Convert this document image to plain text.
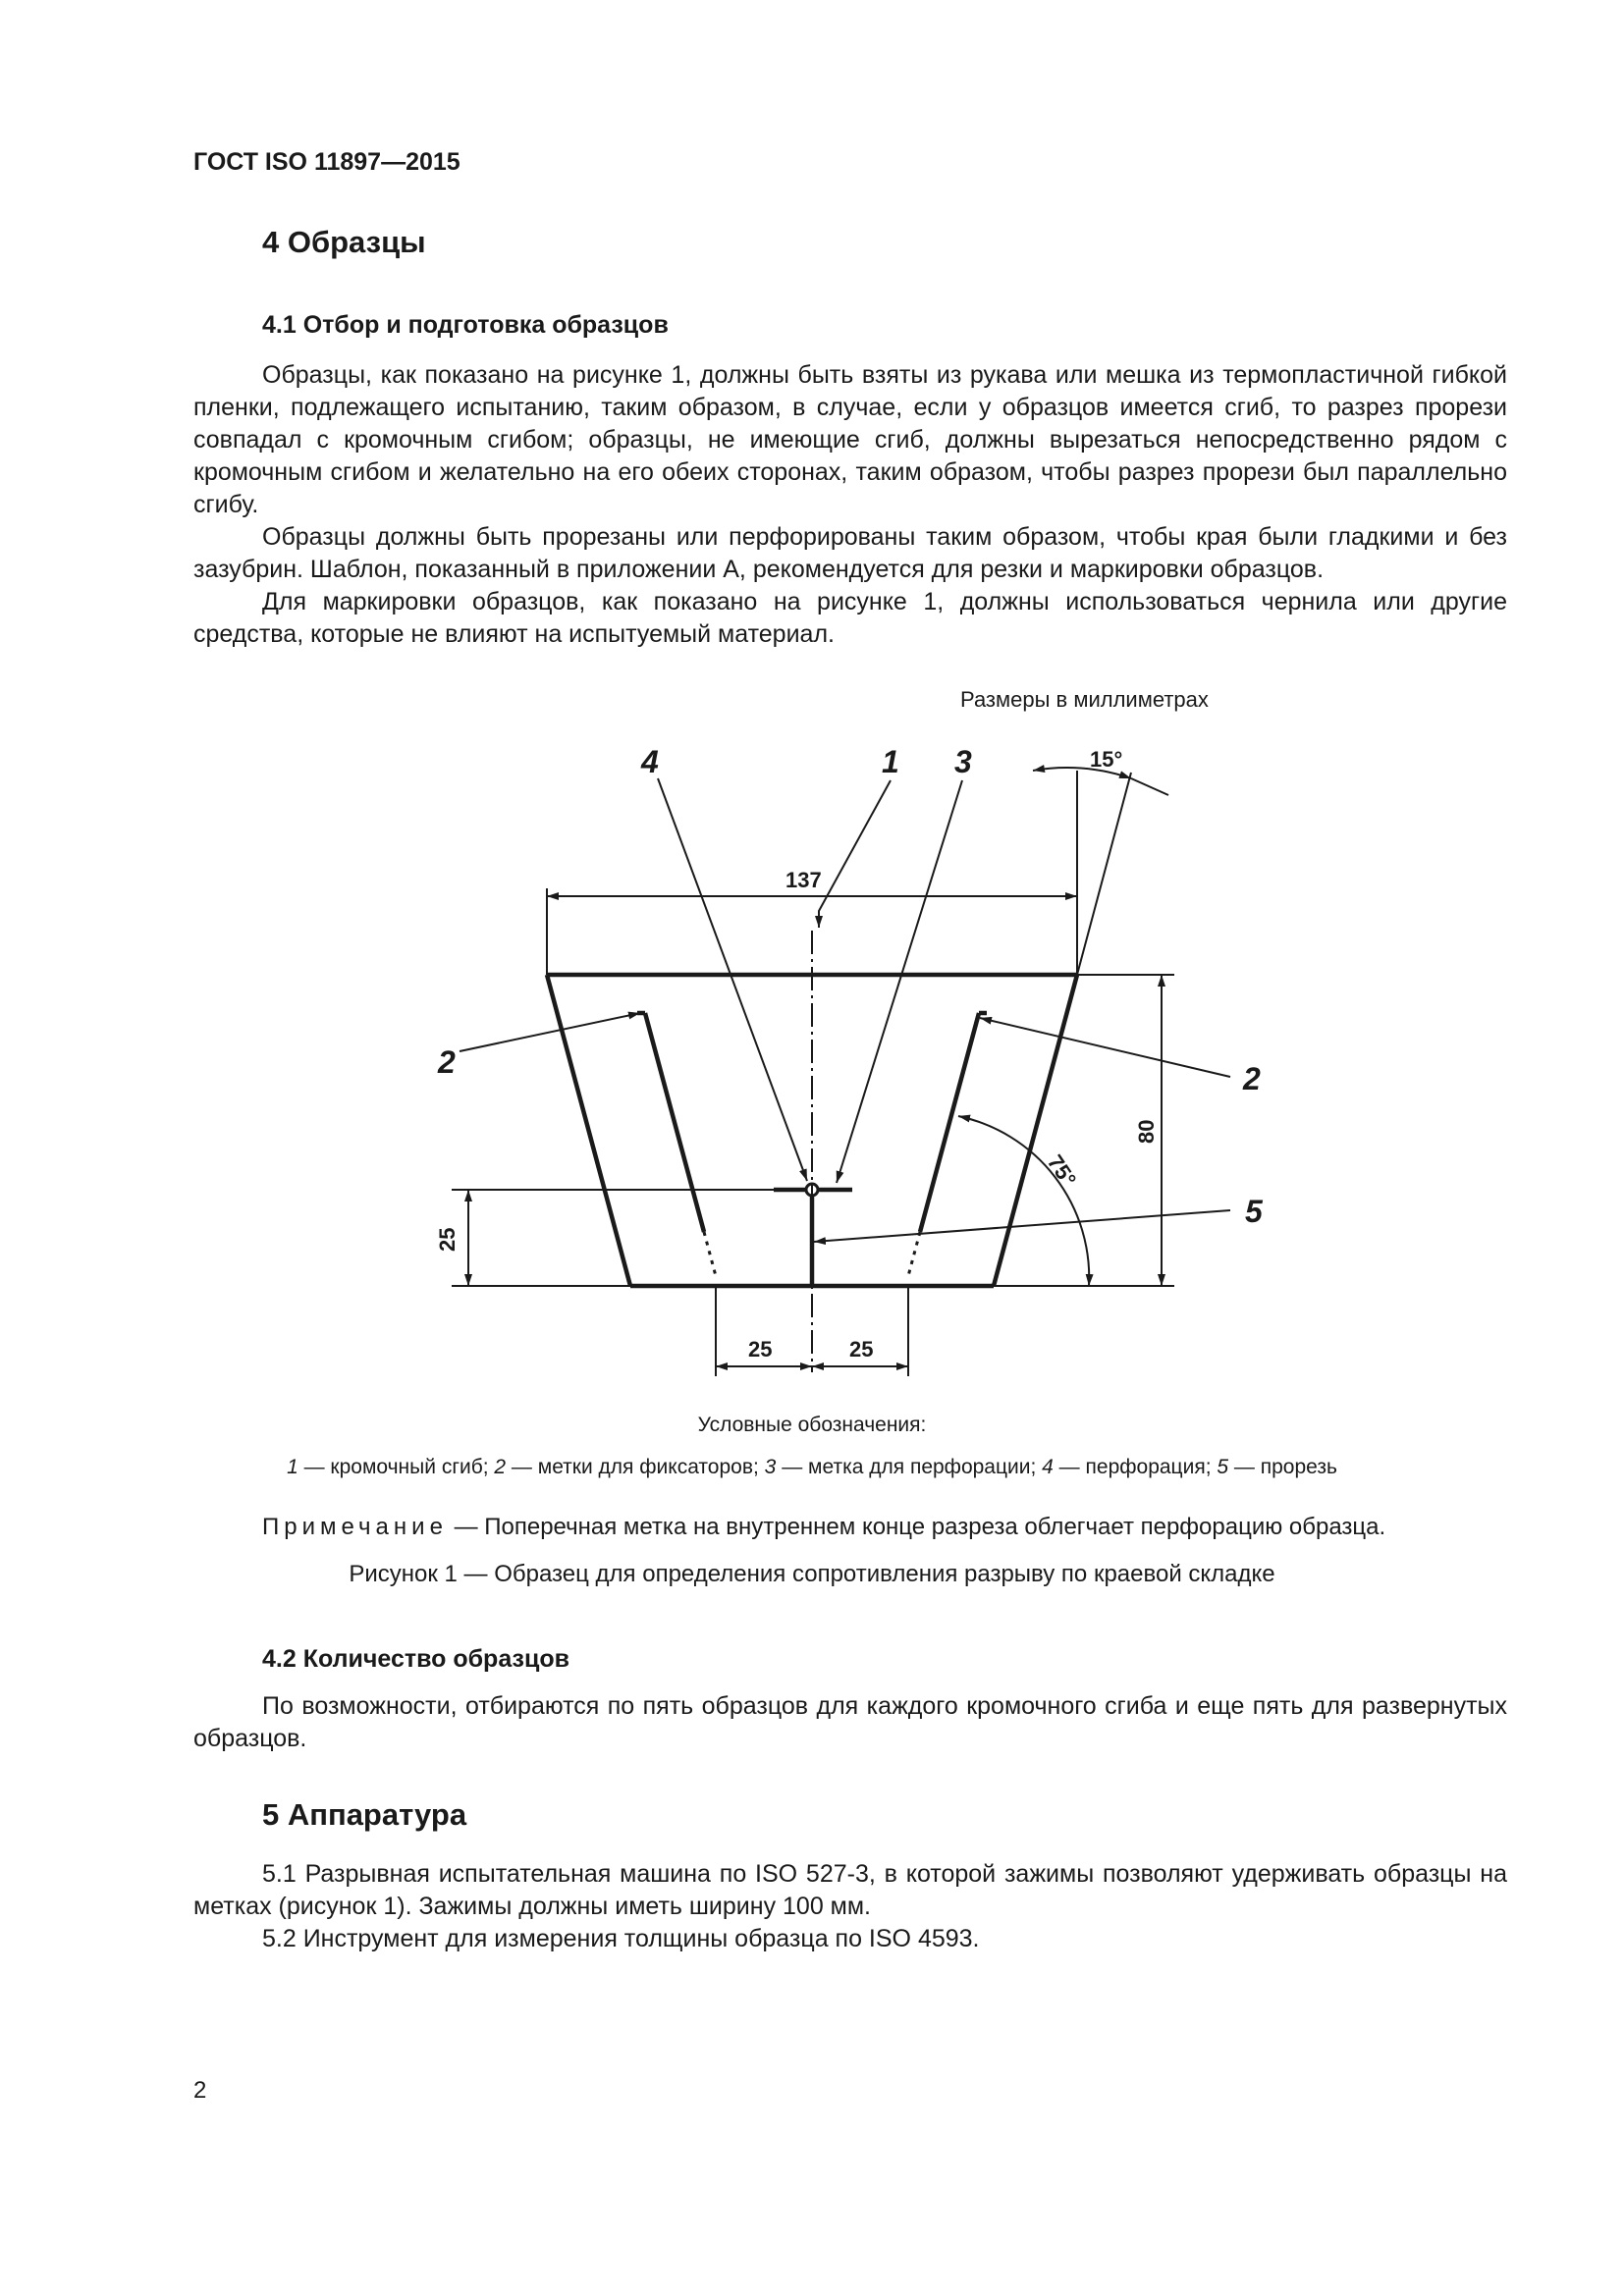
ГОСТ ISO 11897—2015
4 Образцы
4.1 Отбор и подготовка образцов

Образцы, как показано на рисунке 1, должны быть взяты из рукава или мешка из термопластичной гибкой пленки, подлежащего испытанию, таким образом, в случае, если у образцов имеется сгиб, то разрез прорези совпадал с кромочным сгибом; образцы, не имеющие сгиб, должны вырезаться непосредственно рядом с кромочным сгибом и желательно на его обеих сторонах, таким образом, чтобы разрез прорези был параллельно сгибу.

Образцы должны быть прорезаны или перфорированы таким образом, чтобы края были гладкими и без зазубрин. Шаблон, показанный в приложении А, рекомендуется для резки и маркировки образцов.

Для маркировки образцов, как показано на рисунке 1, должны использоваться чернила или другие средства, которые не влияют на испытуемый материал.

Размеры в миллиметрах
4	1 3
2	2
5
137
80
25
25	25
15°
75°
Условные обозначения:
1 — кромочный сгиб; 2 — метки для фиксаторов; 3 — метка для перфорации; 4 — перфорация; 5 — прорезь
Примечание — Поперечная метка на внутреннем конце разреза облегчает перфорацию образца.
Рисунок 1 — Образец для определения сопротивления разрыву по краевой складке
4.2 Количество образцов

По возможности, отбираются по пять образцов для каждого кромочного сгиба и еще пять для развернутых образцов.

5 Аппаратура

5.1 Разрывная испытательная машина по ISO 527-3, в которой зажимы позволяют удерживать образцы на метках (рисунок 1). Зажимы должны иметь ширину 100 мм.

5.2 Инструмент для измерения толщины образца по ISO 4593.

2
